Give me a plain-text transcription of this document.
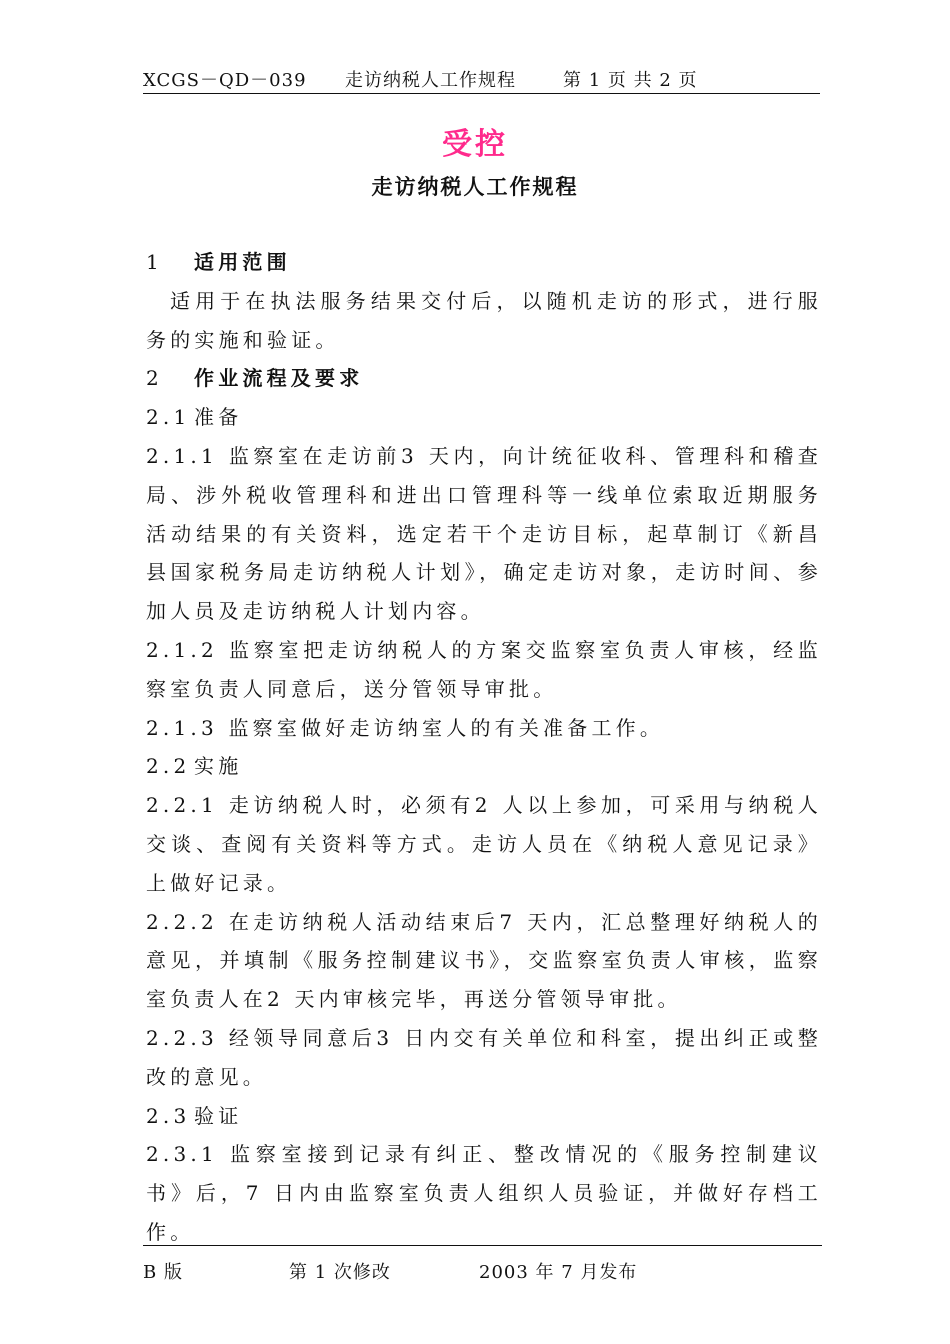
XCGS－QD－039 走访纳税人工作规程	第 1 页 共 2 页
受控
走访纳税人工作规程

1 适用范围

适用于在执法服务结果交付后，以随机走访的形式，进行服务的实施和验证。

2 作业流程及要求

2.1 准备

2.1.1 监察室在走访前3 天内，向计统征收科、管理科和稽查局、涉外税收管理科和进出口管理科等一线单位索取近期服务活动结果的有关资料，选定若干个走访目标，起草制订《新昌县国家税务局走访纳税人计划》，确定走访对象，走访时间、参加人员及走访纳税人计划内容。

2.1.2 监察室把走访纳税人的方案交监察室负责人审核，经监察室负责人同意后，送分管领导审批。

2.1.3 监察室做好走访纳室人的有关准备工作。

2.2 实施

2.2.1 走访纳税人时，必须有2 人以上参加，可采用与纳税人交谈、查阅有关资料等方式。走访人员在《纳税人意见记录》上做好记录。

2.2.2 在走访纳税人活动结束后7 天内，汇总整理好纳税人的意见，并填制《服务控制建议书》，交监察室负责人审核，监察室负责人在2 天内审核完毕，再送分管领导审批。

2.2.3 经领导同意后3 日内交有关单位和科室，提出纠正或整改的意见。

2.3 验证

2.3.1 监察室接到记录有纠正、整改情况的《服务控制建议书》后，7 日内由监察室负责人组织人员验证，并做好存档工作。

B 版	第 1 次修改	2003 年 7 月发布
